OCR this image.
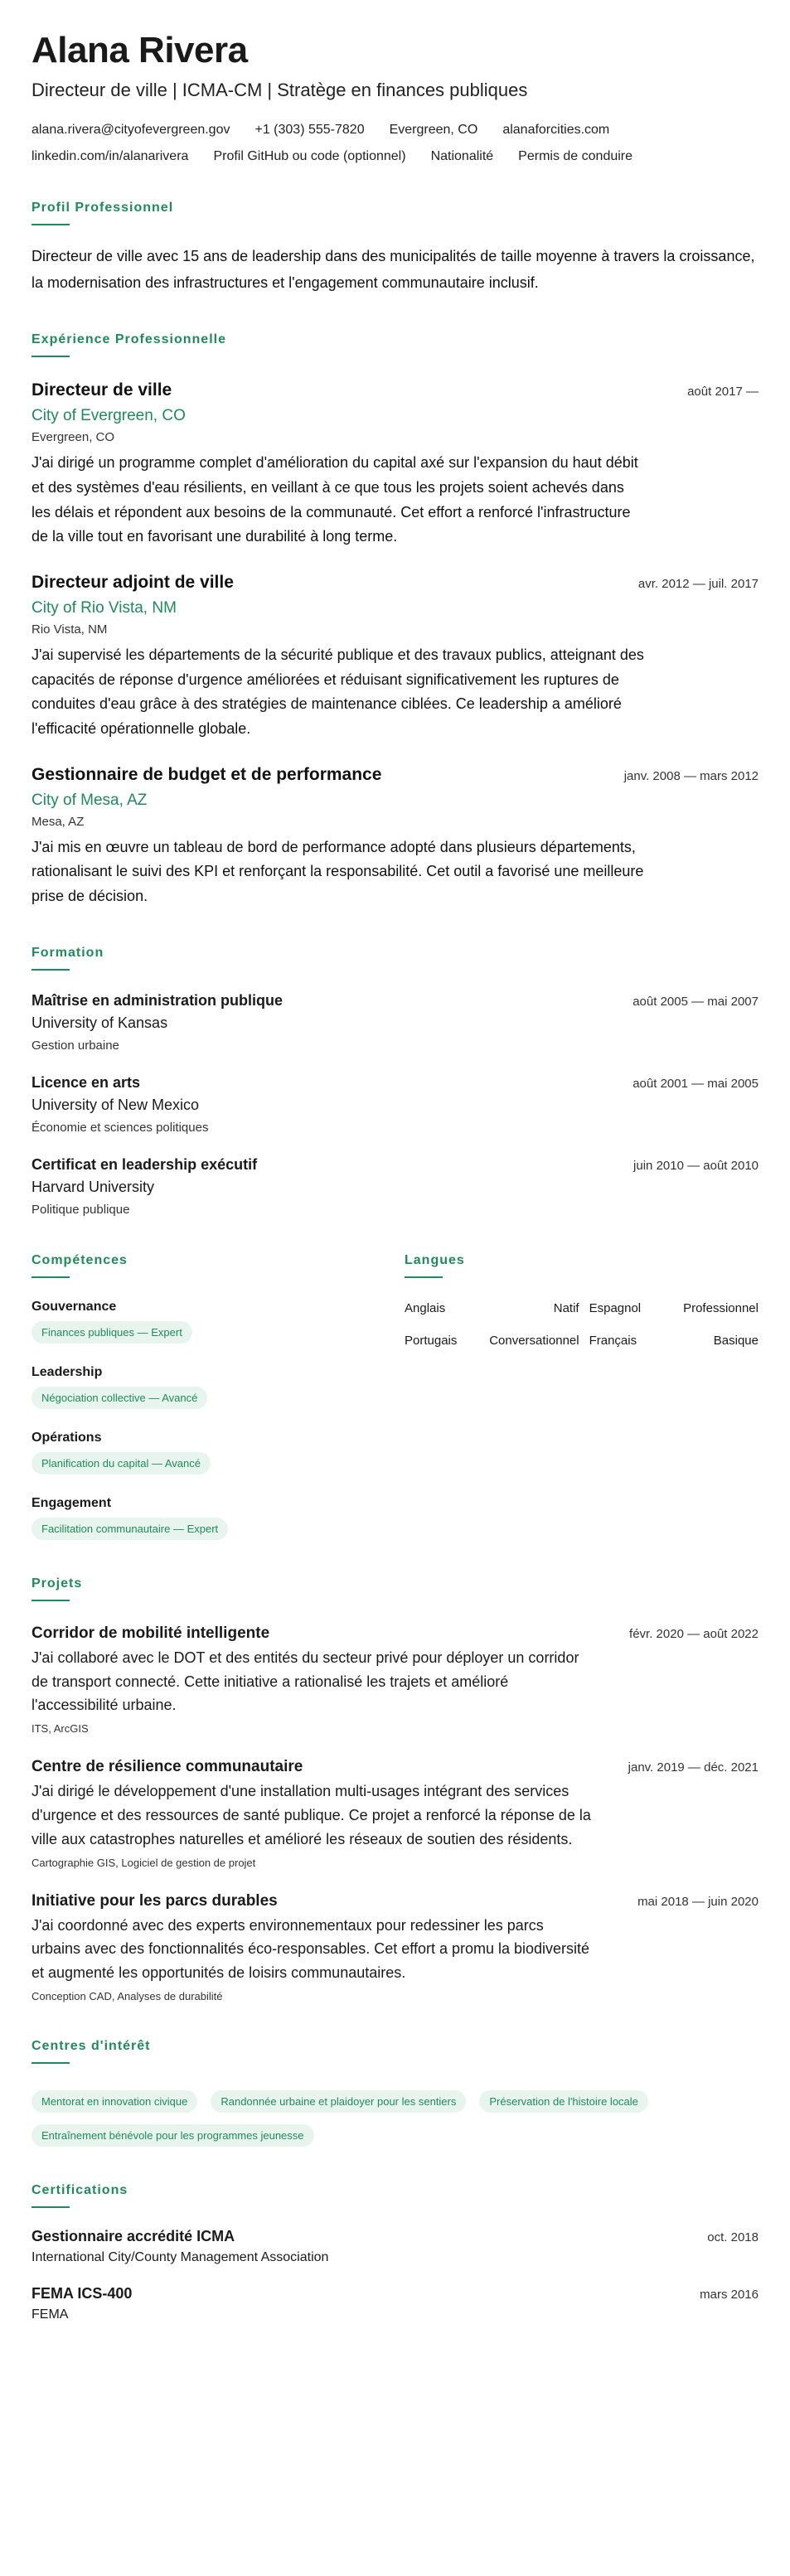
Alana Rivera
Directeur de ville | ICMA-CM | Stratège en finances publiques
alana.rivera@cityofevergreen.gov +1 (303) 555-7820 Evergreen, CO alanaforcities.com
linkedin.com/in/alanarivera Profil GitHub ou code (optionnel) Nationalité Permis de conduire
Profil Professionnel
Directeur de ville avec 15 ans de leadership dans des municipalités de taille moyenne à travers la croissance, la modernisation des infrastructures et l'engagement communautaire inclusif.
Expérience Professionnelle
Directeur de ville	août 2017 —
City of Evergreen, CO
Evergreen, CO
J'ai dirigé un programme complet d'amélioration du capital axé sur l'expansion du haut débit et des systèmes d'eau résilients, en veillant à ce que tous les projets soient achevés dans les délais et répondent aux besoins de la communauté. Cet effort a renforcé l'infrastructure de la ville tout en favorisant une durabilité à long terme.
Directeur adjoint de ville	avr. 2012 — juil. 2017
City of Rio Vista, NM
Rio Vista, NM
J'ai supervisé les départements de la sécurité publique et des travaux publics, atteignant des capacités de réponse d'urgence améliorées et réduisant significativement les ruptures de conduites d'eau grâce à des stratégies de maintenance ciblées. Ce leadership a amélioré l'efficacité opérationnelle globale.
Gestionnaire de budget et de performance	janv. 2008 — mars 2012
City of Mesa, AZ
Mesa, AZ
J'ai mis en œuvre un tableau de bord de performance adopté dans plusieurs départements, rationalisant le suivi des KPI et renforçant la responsabilité. Cet outil a favorisé une meilleure prise de décision.
Formation
Maîtrise en administration publique	août 2005 — mai 2007
University of Kansas
Gestion urbaine
Licence en arts	août 2001 — mai 2005
University of New Mexico
Économie et sciences politiques
Certificat en leadership exécutif	juin 2010 — août 2010
Harvard University
Politique publique
Compétences
Gouvernance
Finances publiques — Expert
Leadership
Négociation collective — Avancé
Opérations
Planification du capital — Avancé
Engagement
Facilitation communautaire — Expert
Langues
Anglais	Natif Espagnol	Professionnel
Portugais	Conversationnel Français	Basique
Projets
Corridor de mobilité intelligente	févr. 2020 — août 2022
J'ai collaboré avec le DOT et des entités du secteur privé pour déployer un corridor de transport connecté. Cette initiative a rationalisé les trajets et amélioré l'accessibilité urbaine.
ITS, ArcGIS
Centre de résilience communautaire	janv. 2019 — déc. 2021
J'ai dirigé le développement d'une installation multi-usages intégrant des services d'urgence et des ressources de santé publique. Ce projet a renforcé la réponse de la ville aux catastrophes naturelles et amélioré les réseaux de soutien des résidents.
Cartographie GIS, Logiciel de gestion de projet
Initiative pour les parcs durables	mai 2018 — juin 2020
J'ai coordonné avec des experts environnementaux pour redessiner les parcs urbains avec des fonctionnalités éco-responsables. Cet effort a promu la biodiversité et augmenté les opportunités de loisirs communautaires.
Conception CAD, Analyses de durabilité
Centres d'intérêt
Mentorat en innovation civique	Randonnée urbaine et plaidoyer pour les sentiers	Préservation de l'histoire locale
Entraînement bénévole pour les programmes jeunesse
Certifications
Gestionnaire accrédité ICMA	oct. 2018
International City/County Management Association
FEMA ICS-400	mars 2016
FEMA
